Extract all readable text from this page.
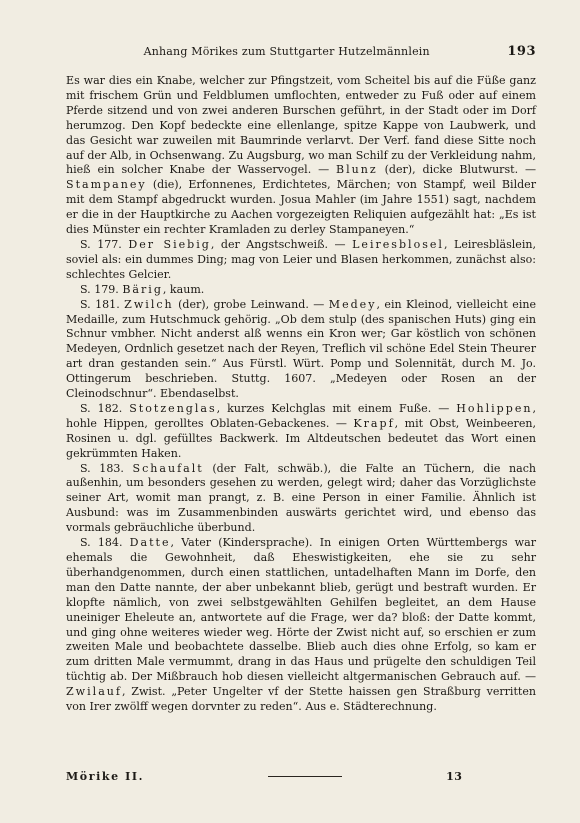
Anhang Mörikes zum Stuttgarter Hutzelmännlein	193

Es war dies ein Knabe, welcher zur Pfingstzeit, vom Scheitel bis auf die Füße ganz mit frischem Grün und Feldblumen umflochten, entweder zu Fuß oder auf einem Pferde sitzend und von zwei anderen Burschen geführt, in der Stadt oder im Dorf herumzog. Den Kopf bedeckte eine ellenlange, spitze Kappe von Laubwerk, und das Gesicht war zuweilen mit Baumrinde verlarvt. Der Verf. fand diese Sitte noch auf der Alb, in Ochsenwang. Zu Augsburg, wo man Schilf zu der Verkleidung nahm, hieß ein solcher Knabe der Wasservogel. — Blunz (der), dicke Blutwurst. — Stampaney (die), Erfonnenes, Erdichtetes, Märchen; von Stampf, weil Bilder mit dem Stampf abgedruckt wurden. Josua Mahler (im Jahre 1551) sagt, nachdem er die in der Hauptkirche zu Aachen vorgezeigten Reliquien aufgezählt hat: „Es ist dies Münster ein rechter Kramladen zu derley Stampaneyen.“

S. 177. Der Siebig, der Angstschweiß. — Leiresblosel, Leiresbläslein, soviel als: ein dummes Ding; mag von Leier und Blasen herkommen, zunächst also: schlechtes Gelcier.

S. 179. Bärig, kaum.

S. 181. Zwilch (der), grobe Leinwand. — Medey, ein Kleinod, vielleicht eine Medaille, zum Hutschmuck gehörig. „Ob dem stulp (des spanischen Huts) ging ein Schnur vmbher. Nicht anderst alß wenns ein Kron wer; Gar köstlich von schönen Medeyen, Ordnlich gesetzet nach der Reyen, Treflich vil schöne Edel Stein Theurer art dran gestanden sein.“ Aus Fürstl. Würt. Pomp und Solennität, durch M. Jo. Ottingerum beschrieben. Stuttg. 1607. „Medeyen oder Rosen an der Cleinodschnur“. Ebendaselbst.

S. 182. Stotzenglas, kurzes Kelchglas mit einem Fuße. — Hohlippen, hohle Hippen, gerolltes Oblaten-Gebackenes. — Krapf, mit Obst, Weinbeeren, Rosinen u. dgl. gefülltes Backwerk. Im Altdeutschen bedeutet das Wort einen gekrümmten Haken.

S. 183. Schaufalt (der Falt, schwäb.), die Falte an Tüchern, die nach außenhin, um besonders gesehen zu werden, gelegt wird; daher das Vorzüglichste seiner Art, womit man prangt, z. B. eine Person in einer Familie. Ähnlich ist Ausbund: was im Zusammenbinden auswärts gerichtet wird, und ebenso das vormals gebräuchliche überbund.

S. 184. Datte, Vater (Kindersprache). In einigen Orten Württembergs war ehemals die Gewohnheit, daß Eheswistigkeiten, ehe sie zu sehr überhandgenommen, durch einen stattlichen, untadelhaften Mann im Dorfe, den man den Datte nannte, der aber unbekannt blieb, gerügt und bestraft wurden. Er klopfte nämlich, von zwei selbstgewählten Gehilfen begleitet, an dem Hause uneiniger Eheleute an, antwortete auf die Frage, wer da? bloß: der Datte kommt, und ging ohne weiteres wieder weg. Hörte der Zwist nicht auf, so erschien er zum zweiten Male und beobachtete dasselbe. Blieb auch dies ohne Erfolg, so kam er zum dritten Male vermummt, drang in das Haus und prügelte den schuldigen Teil tüchtig ab. Der Mißbrauch hob diesen vielleicht altgermanischen Gebrauch auf. — Zwilauf, Zwist. „Peter Ungelter vf der Stette haissen gen Straßburg verritten von Irer zwölff wegen dorvnter zu reden“. Aus e. Städterechnung.

Mörike II.	13
